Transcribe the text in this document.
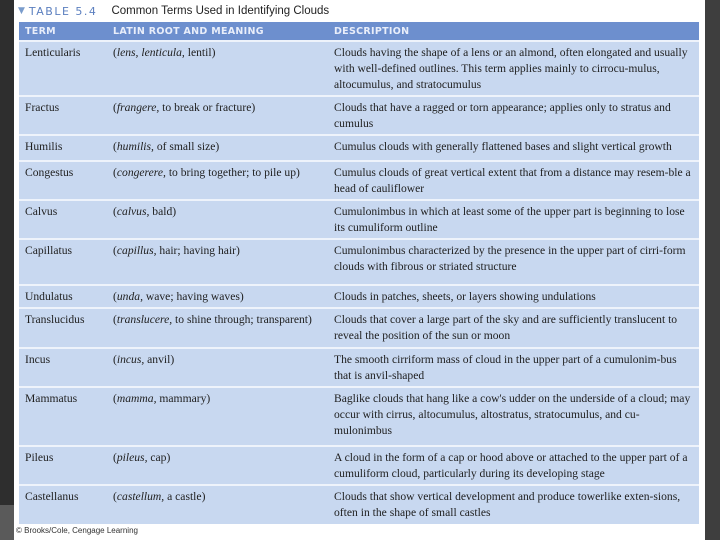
▼ TABLE 5.4 Common Terms Used in Identifying Clouds
TERM	LATIN ROOT AND MEANING	DESCRIPTION
Lenticularis	(lens, lenticula, lentil)	Clouds having the shape of a lens or an almond, often elongated and usually with well-defined outlines. This term applies mainly to cirrocu-mulus, altocumulus, and stratocumulus
Fractus	(frangere, to break or fracture)	Clouds that have a ragged or torn appearance; applies only to stratus and cumulus
Humilis	(humilis, of small size)	Cumulus clouds with generally flattened bases and slight vertical growth
Congestus	(congerere, to bring together; to pile up)	Cumulus clouds of great vertical extent that from a distance may resem-ble a head of cauliflower
Calvus	(calvus, bald)	Cumulonimbus in which at least some of the upper part is beginning to lose its cumuliform outline
Capillatus	(capillus, hair; having hair)	Cumulonimbus characterized by the presence in the upper part of cirri-form clouds with fibrous or striated structure
Undulatus	(unda, wave; having waves)	Clouds in patches, sheets, or layers showing undulations
Translucidus	(translucere, to shine through; transparent)	Clouds that cover a large part of the sky and are sufficiently translucent to reveal the position of the sun or moon
Incus	(incus, anvil)	The smooth cirriform mass of cloud in the upper part of a cumulonim-bus that is anvil-shaped
Mammatus	(mamma, mammary)	Baglike clouds that hang like a cow's udder on the underside of a cloud; may occur with cirrus, altocumulus, altostratus, stratocumulus, and cu-mulonimbus
Pileus	(pileus, cap)	A cloud in the form of a cap or hood above or attached to the upper part of a cumuliform cloud, particularly during its developing stage
Castellanus	(castellum, a castle)	Clouds that show vertical development and produce towerlike exten-sions, often in the shape of small castles
© Brooks/Cole, Cengage Learning
